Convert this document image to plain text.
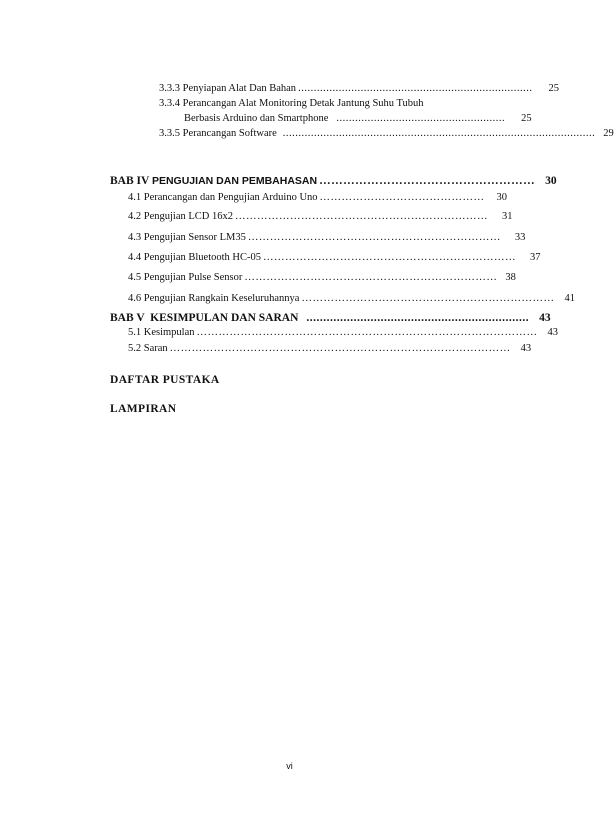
3.3.3 Penyiapan Alat Dan Bahan ........................................................................... 25
3.3.4 Perancangan Alat Monitoring Detak Jantung Suhu Tubuh
Berbasis Arduino dan Smartphone ...................................................... 25
3.3.5 Perancangan Software .................................................................................................... 29
BAB IV PENGUJIAN DAN PEMBAHASAN ……………………………………………… 30
4.1 Perancangan dan Pengujian Arduino Uno ……………………………………… 30
4.2 Pengujian LCD 16x2 …………………………………………………………… 31
4.3 Pengujian Sensor LM35 …………………………………………………………… 33
4.4 Pengujian Bluetooth HC-05 …………………………………………………………… 37
4.5 Pengujian Pulse Sensor …………………………………………………………… 38
4.6 Pengujian Rangkain Keseluruhannya …………………………………………………………… 41
BAB V  KESIMPULAN DAN SARAN .................................................................. 43
5.1 Kesimpulan ………………………………………………………………………………… 43
5.2 Saran ………………………………………………………………………………… 43
DAFTAR PUSTAKA
LAMPIRAN
vi
